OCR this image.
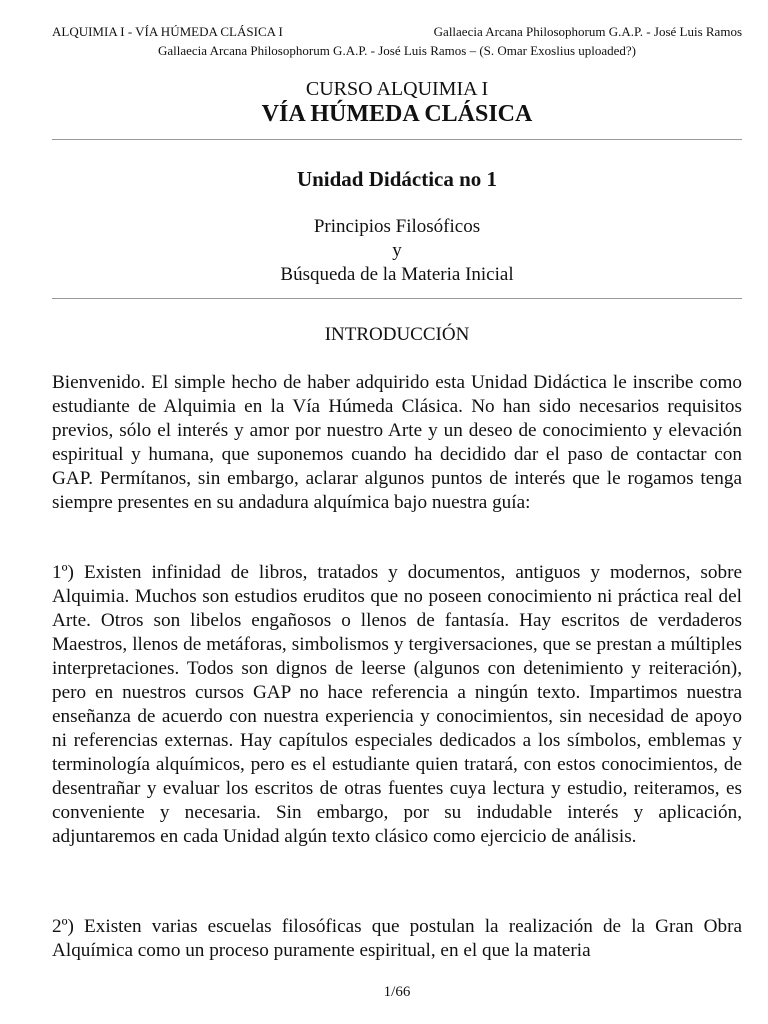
ALQUIMIA I - VÍA HÚMEDA CLÁSICA I	Gallaecia Arcana Philosophorum G.A.P. - José Luis Ramos
Gallaecia Arcana Philosophorum G.A.P. - José Luis Ramos – (S. Omar Exoslius uploaded?)
CURSO ALQUIMIA I
VÍA HÚMEDA CLÁSICA
Unidad Didáctica no 1
Principios Filosóficos
y
Búsqueda de la Materia Inicial
INTRODUCCIÓN

Bienvenido. El simple hecho de haber adquirido esta Unidad Didáctica le inscribe como estudiante de Alquimia en la Vía Húmeda Clásica. No han sido necesarios requisitos previos, sólo el interés y amor por nuestro Arte y un deseo de conocimiento y elevación espiritual y humana, que suponemos cuando ha decidido dar el paso de contactar con GAP. Permítanos, sin embargo, aclarar algunos puntos de interés que le rogamos tenga siempre presentes en su andadura alquímica bajo nuestra guía:

1º) Existen infinidad de libros, tratados y documentos, antiguos y modernos, sobre Alquimia. Muchos son estudios eruditos que no poseen conocimiento ni práctica real del Arte. Otros son libelos engañosos o llenos de fantasía. Hay escritos de verdaderos Maestros, llenos de metáforas, simbolismos y tergiversaciones, que se prestan a múltiples interpretaciones. Todos son dignos de leerse (algunos con detenimiento y reiteración), pero en nuestros cursos GAP no hace referencia a ningún texto. Impartimos nuestra enseñanza de acuerdo con nuestra experiencia y conocimientos, sin necesidad de apoyo ni referencias externas. Hay capítulos especiales dedicados a los símbolos, emblemas y terminología alquímicos, pero es el estudiante quien tratará, con estos conocimientos, de desentrañar y evaluar los escritos de otras fuentes cuya lectura y estudio, reiteramos, es conveniente y necesaria. Sin embargo, por su indudable interés y aplicación, adjuntaremos en cada Unidad algún texto clásico como ejercicio de análisis.

2º) Existen varias escuelas filosóficas que postulan la realización de la Gran Obra Alquímica como un proceso puramente espiritual, en el que la materia

1/66
